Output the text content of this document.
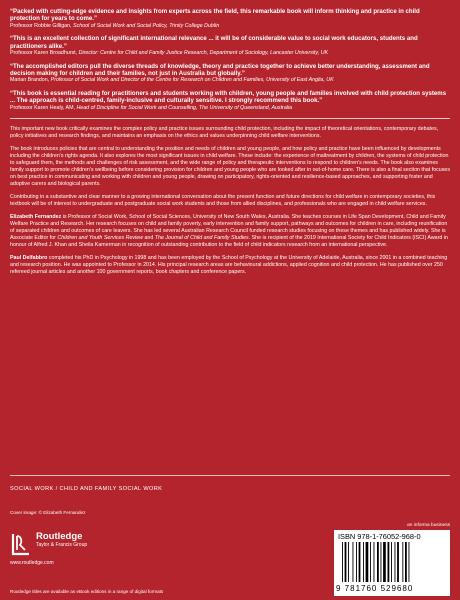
“Packed with cutting-edge evidence and insights from experts across the field, this remarkable book will inform thinking and practice in child protection for years to come.”
Professor Robbie Gilligan, School of Social Work and Social Policy, Trinity College Dublin
“This is an excellent collection of significant international relevance ... it will be of considerable value to social work educators, students and practitioners alike.”
Professor Karen Broadhurst, Director: Centre for Child and Family Justice Research, Department of Sociology, Lancaster University, UK
“The accomplished editors pull the diverse threads of knowledge, theory and practice together to achieve better understanding, assessment and decision making for children and their families, not just in Australia but globally.”
Marian Brandon, Professor of Social Work and Director of the Centre for Research on Children and Families, University of East Anglia, UK
“This book is essential reading for practitioners and students working with children, young people and families involved with child protection systems ... The approach is child-centred, family-inclusive and culturally sensitive. I strongly recommend this book.”
Professor Karen Healy, AM, Head of Discipline for Social Work and Counselling, The University of Queensland, Australia

This important new book critically examines the complex policy and practice issues surrounding child protection, including the impact of theoretical orientations, contemporary debates, policy initiatives and research findings, and maintains an emphasis on the ethics and values underpinning child welfare interventions.

The book introduces policies that are central to understanding the position and needs of children and young people, and how policy and practice have been influenced by developments including the children’s rights agenda. It also explores the most significant issues in child welfare. These include: the experience of maltreatment by children, the systems of child protection to safeguard them, the methods and challenges of risk assessment, and the wide range of policy and therapeutic interventions to respond to children’s needs. The book also examines family support to promote children’s wellbeing before considering provision for children and young people who are looked after in out-of-home care. There is also a final section that focuses on best practice in communicating and working with children and young people, drawing on participatory, rights-oriented and resilience-based approaches, and supporting foster and adoptive carers and biological parents.

Contributing in a substantive and clear manner to a growing international conversation about the present function and future directions for child welfare in contemporary societies, this textbook will be of interest to undergraduate and postgraduate social work students and those from allied disciplines, and professionals who are engaged in child welfare services.

Elizabeth Fernandez is Professor of Social Work, School of Social Sciences, University of New South Wales, Australia. She teaches courses in Life Span Development, Child and Family Welfare Practice and Research. Her research focuses on child and family poverty, early intervention and family support, pathways and outcomes for children in care, including reunification of separated children and outcomes of care leavers. She has led several Australian Research Council funded research studies focusing on these themes and has published widely. She is Associate Editor for Children and Youth Services Review and The Journal of Child and Family Studies. She is recipient of the 2019 International Society for Child Indicators (ISCI) Award in honour of Alfred J. Khan and Sheila Kamerman in recognition of outstanding contribution to the field of child indicators research from an international perspective.

Paul Delfabbro completed his PhD in Psychology in 1998 and has been employed by the School of Psychology at the University of Adelaide, Australia, since 2001 in a combined teaching and research position. He was appointed to Professor in 2014. His principal research areas are behavioural addictions, applied cognition and child protection. He has published over 250 refereed journal articles and another 100 government reports, book chapters and conference papers.

SOCIAL WORK / CHILD AND FAMILY SOCIAL WORK
Cover image: © Elizabeth Fernandez
Routledge
Taylor & Francis Group
www.routledge.com
Routledge titles are available as eBook editions in a range of digital formats
an informa business
ISBN 978-1-76052-968-0
9 781760 529680
